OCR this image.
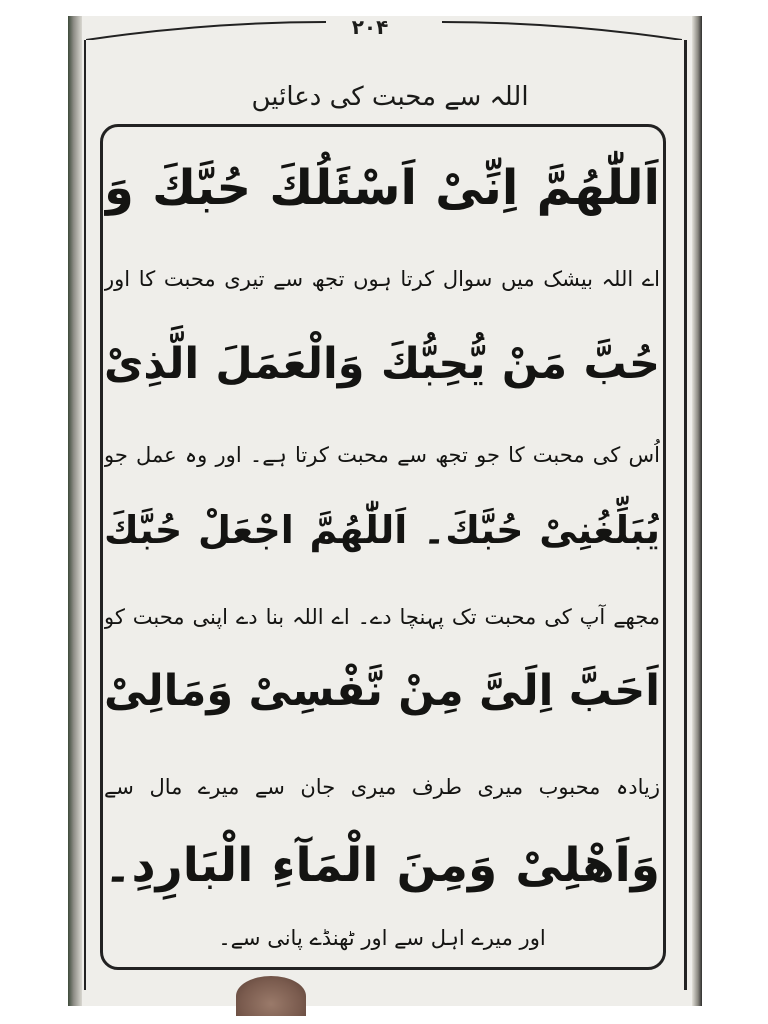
۲۰۴
اللہ سے محبت کی دعائیں
اَللّٰهُمَّ اِنِّیْ اَسْئَلُكَ حُبَّكَ وَ
اے اللہ بیشک میں سوال کرتا ہوں تجھ سے تیری محبت کا اور
حُبَّ مَنْ يُّحِبُّكَ وَالْعَمَلَ الَّذِىْ
اُس کی محبت کا جو تجھ سے محبت کرتا ہے۔ اور وہ عمل جو
يُبَلِّغُنِىْ حُبَّكَ۔ اَللّٰهُمَّ اجْعَلْ حُبَّكَ
مجھے آپ کی محبت تک پہنچا دے۔ اے اللہ بنا دے اپنی محبت کو
اَحَبَّ اِلَىَّ مِنْ نَّفْسِىْ وَمَالِىْ
زیادہ محبوب میری طرف میری جان سے میرے مال سے
وَاَهْلِىْ وَمِنَ الْمَآءِ الْبَارِدِ۔
اور میرے اہل سے اور ٹھنڈے پانی سے۔
